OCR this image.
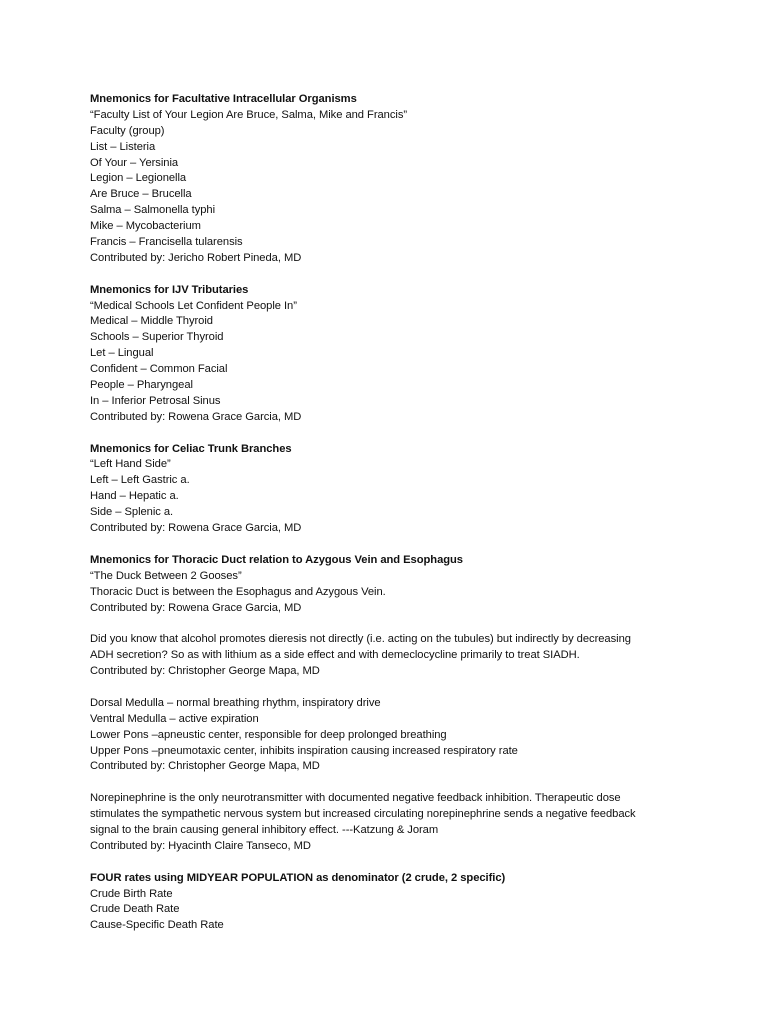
Mnemonics for Facultative Intracellular Organisms
“Faculty List of Your Legion Are Bruce, Salma, Mike and Francis”
Faculty (group)
List – Listeria
Of Your – Yersinia
Legion – Legionella
Are Bruce – Brucella
Salma – Salmonella typhi
Mike – Mycobacterium
Francis – Francisella tularensis
Contributed by: Jericho Robert Pineda, MD
Mnemonics for IJV Tributaries
“Medical Schools Let Confident People In”
Medical – Middle Thyroid
Schools – Superior Thyroid
Let – Lingual
Confident – Common Facial
People – Pharyngeal
In – Inferior Petrosal Sinus
Contributed by: Rowena Grace Garcia, MD
Mnemonics for Celiac Trunk Branches
“Left Hand Side”
Left – Left Gastric a.
Hand – Hepatic a.
Side – Splenic a.
Contributed by: Rowena Grace Garcia, MD
Mnemonics for Thoracic Duct relation to Azygous Vein and Esophagus
“The Duck Between 2 Gooses”
Thoracic Duct is between the Esophagus and Azygous Vein.
Contributed by: Rowena Grace Garcia, MD
Did you know that alcohol promotes dieresis not directly (i.e. acting on the tubules) but indirectly by decreasing
ADH secretion? So as with lithium as a side effect and with demeclocycline primarily to treat SIADH.
Contributed by: Christopher George Mapa, MD
Dorsal Medulla – normal breathing rhythm, inspiratory drive
Ventral Medulla – active expiration
Lower Pons –apneustic center, responsible for deep prolonged breathing
Upper Pons –pneumotaxic center, inhibits inspiration causing increased respiratory rate
Contributed by: Christopher George Mapa, MD
Norepinephrine is the only neurotransmitter with documented negative feedback inhibition. Therapeutic dose
stimulates the sympathetic nervous system but increased circulating norepinephrine sends a negative feedback
signal to the brain causing general inhibitory effect. ---Katzung & Joram
Contributed by: Hyacinth Claire Tanseco, MD
FOUR rates using MIDYEAR POPULATION as denominator (2 crude, 2 specific)
Crude Birth Rate
Crude Death Rate
Cause-Specific Death Rate
